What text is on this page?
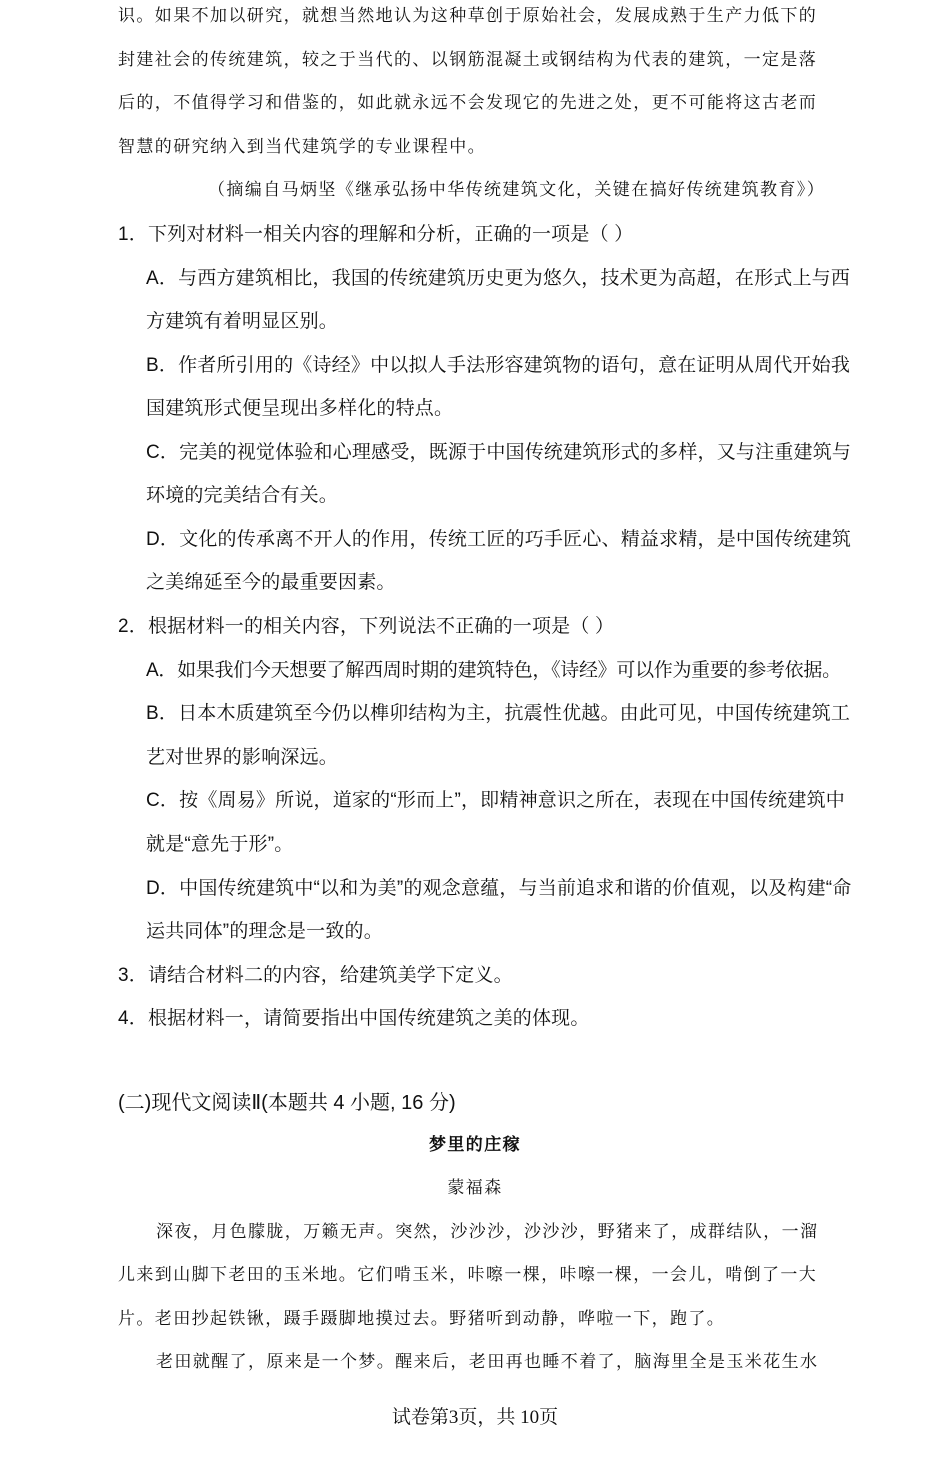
识。如果不加以研究，就想当然地认为这种草创于原始社会，发展成熟于生产力低下的
封建社会的传统建筑，较之于当代的、以钢筋混凝土或钢结构为代表的建筑，一定是落
后的，不值得学习和借鉴的，如此就永远不会发现它的先进之处，更不可能将这古老而
智慧的研究纳入到当代建筑学的专业课程中。
（摘编自马炳坚《继承弘扬中华传统建筑文化，关键在搞好传统建筑教育》）
1．下列对材料一相关内容的理解和分析，正确的一项是（ ）
A．与西方建筑相比，我国的传统建筑历史更为悠久，技术更为高超，在形式上与西
方建筑有着明显区别。
B．作者所引用的《诗经》中以拟人手法形容建筑物的语句，意在证明从周代开始我
国建筑形式便呈现出多样化的特点。
C．完美的视觉体验和心理感受，既源于中国传统建筑形式的多样，又与注重建筑与
环境的完美结合有关。
D．文化的传承离不开人的作用，传统工匠的巧手匠心、精益求精，是中国传统建筑
之美绵延至今的最重要因素。
2．根据材料一的相关内容，下列说法不正确的一项是（ ）
A．如果我们今天想要了解西周时期的建筑特色，《诗经》可以作为重要的参考依据。
B．日本木质建筑至今仍以榫卯结构为主，抗震性优越。由此可见，中国传统建筑工
艺对世界的影响深远。
C．按《周易》所说，道家的“形而上”，即精神意识之所在，表现在中国传统建筑中
就是“意先于形”。
D．中国传统建筑中“以和为美”的观念意蕴，与当前追求和谐的价值观，以及构建“命
运共同体”的理念是一致的。
3．请结合材料二的内容，给建筑美学下定义。
4．根据材料一，请简要指出中国传统建筑之美的体现。
(二)现代文阅读Ⅱ(本题共 4 小题, 16 分)
梦里的庄稼
蒙福森
深夜，月色朦胧，万籁无声。突然，沙沙沙，沙沙沙，野猪来了，成群结队，一溜
儿来到山脚下老田的玉米地。它们啃玉米，咔嚓一棵，咔嚓一棵，一会儿，啃倒了一大
片。老田抄起铁锹，蹑手蹑脚地摸过去。野猪听到动静，哗啦一下，跑了。
老田就醒了，原来是一个梦。醒来后，老田再也睡不着了，脑海里全是玉米花生水
试卷第3页，共 10页
